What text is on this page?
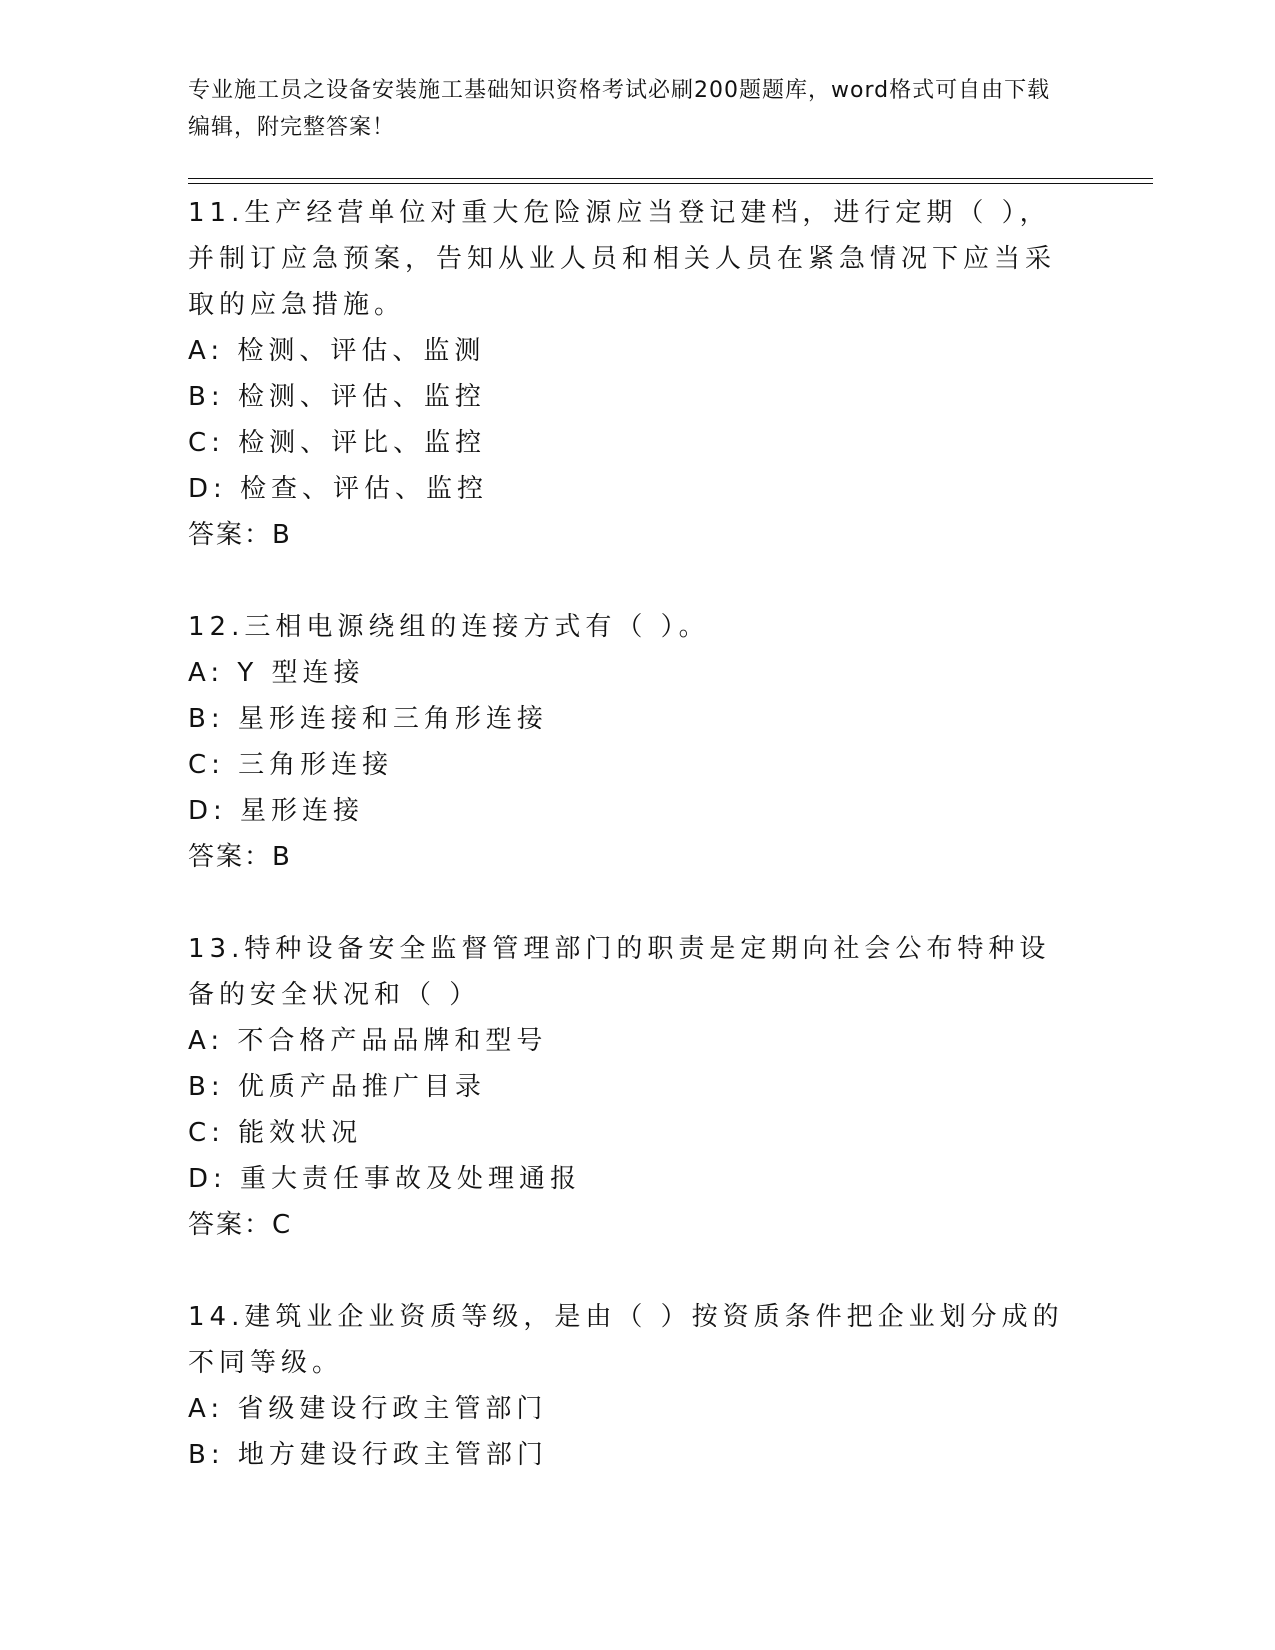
专业施工员之设备安装施工基础知识资格考试必刷200题题库，word格式可自由下载编辑，附完整答案！
11.生产经营单位对重大危险源应当登记建档，进行定期（ ），并制订应急预案，告知从业人员和相关人员在紧急情况下应当采取的应急措施。
A: 检测、评估、监测
B: 检测、评估、监控
C: 检测、评比、监控
D: 检查、评估、监控
答案：B
12.三相电源绕组的连接方式有（ ）。
A: Y 型连接
B: 星形连接和三角形连接
C: 三角形连接
D: 星形连接
答案：B
13.特种设备安全监督管理部门的职责是定期向社会公布特种设备的安全状况和（ ）
A: 不合格产品品牌和型号
B: 优质产品推广目录
C: 能效状况
D: 重大责任事故及处理通报
答案：C
14.建筑业企业资质等级，是由（ ）按资质条件把企业划分成的不同等级。
A: 省级建设行政主管部门
B: 地方建设行政主管部门
